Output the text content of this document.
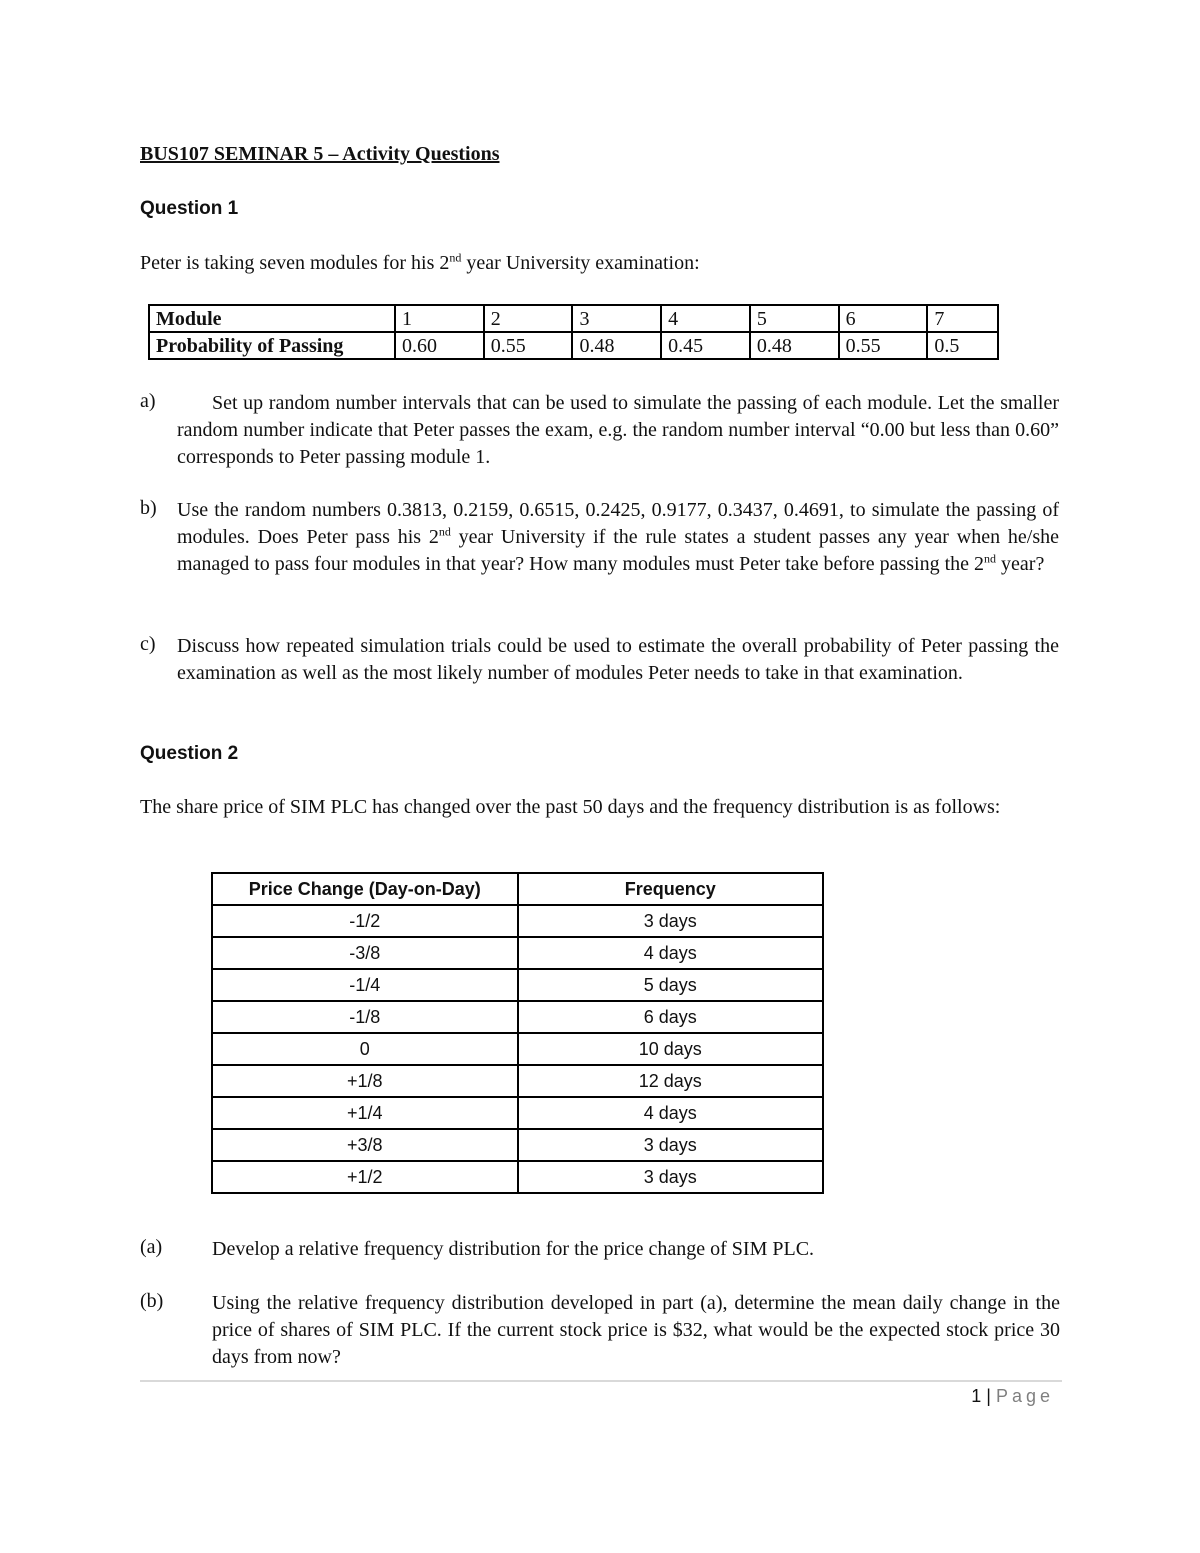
BUS107 SEMINAR 5 – Activity Questions
Question 1
Peter is taking seven modules for his 2nd year University examination:
Module	1	2	3	4	5	6	7
Probability of Passing	0.60	0.55	0.48	0.45	0.48	0.55	0.5
a)	Set up random number intervals that can be used to simulate the passing of each module. Let the smaller random number indicate that Peter passes the exam, e.g. the random number interval “0.00 but less than 0.60” corresponds to Peter passing module 1.
b) Use the random numbers 0.3813, 0.2159, 0.6515, 0.2425, 0.9177, 0.3437, 0.4691, to simulate the passing of modules. Does Peter pass his 2nd year University if the rule states a student passes any year when he/she managed to pass four modules in that year? How many modules must Peter take before passing the 2nd year?
c) Discuss how repeated simulation trials could be used to estimate the overall probability of Peter passing the examination as well as the most likely number of modules Peter needs to take in that examination.
Question 2
The share price of SIM PLC has changed over the past 50 days and the frequency distribution is as follows:
Price Change (Day-on-Day)	Frequency
-1/2	3 days
-3/8	4 days
-1/4	5 days
-1/8	6 days
0	10 days
+1/8	12 days
+1/4	4 days
+3/8	3 days
+1/2	3 days
(a) Develop a relative frequency distribution for the price change of SIM PLC.
(b) Using the relative frequency distribution developed in part (a), determine the mean daily change in the price of shares of SIM PLC. If the current stock price is $32, what would be the expected stock price 30 days from now?
1 | Page
